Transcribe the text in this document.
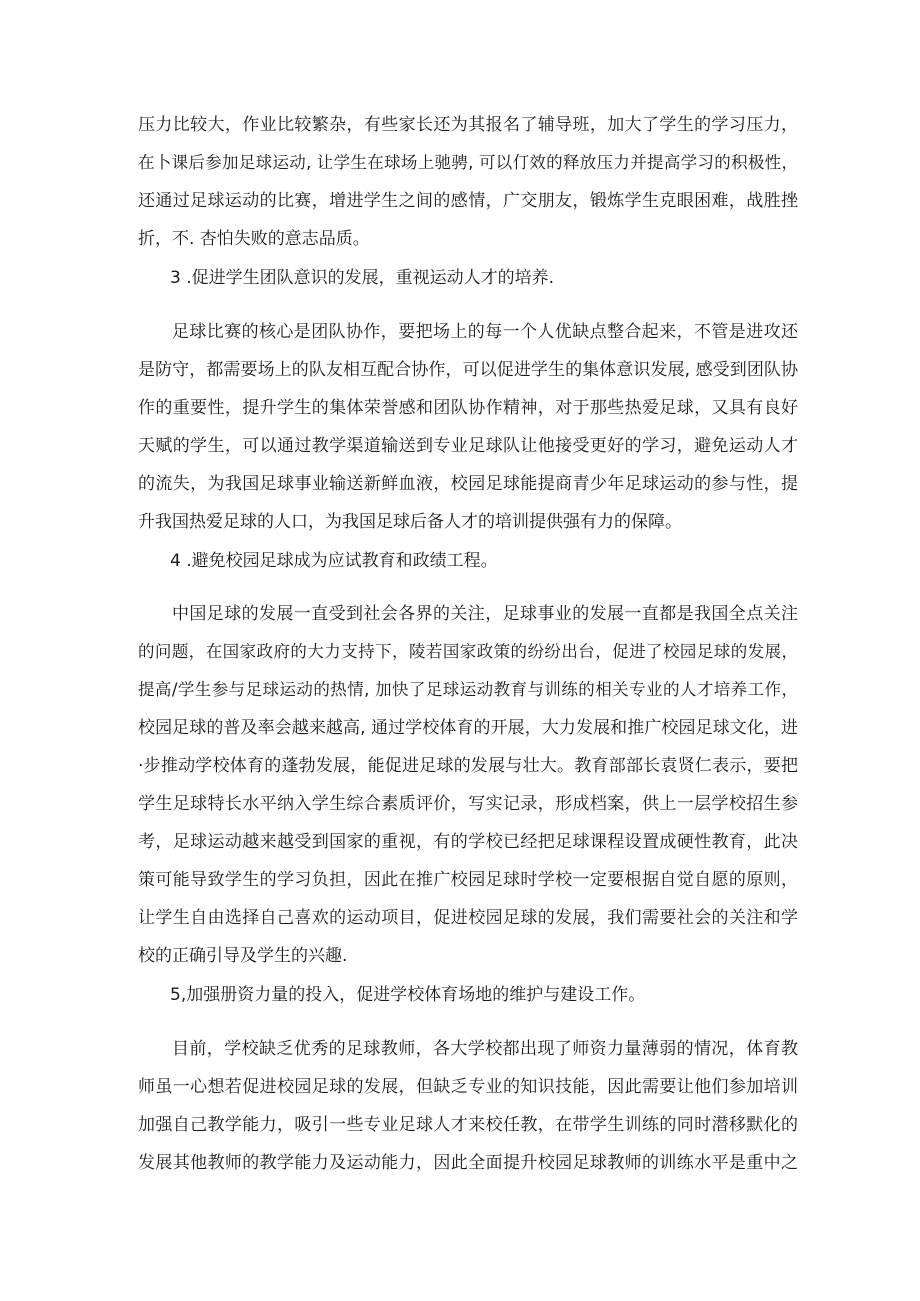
压力比较大，作业比较繁杂，有些家长还为其报名了辅导班，加大了学生的学习压力，
在卜课后参加足球运动, 让学生在球场上驰骋, 可以仃效的释放压力并提高学习的积极性，
还通过足球运动的比赛，增进学生之间的感情，广交朋友，锻炼学生克眼困难，战胜挫
折，不. 杏怕失败的意志品质。
3 .促进学生团队意识的发展，重视运动人才的培养.
足球比赛的核心是团队协作，要把场上的每一个人优缺点整合起来，不管是进攻还
是防守，都需要场上的队友相互配合协作，可以促进学生的集体意识发展, 感受到团队协
作的重要性，提升学生的集体荣誉感和团队协作精神，对于那些热爱足球，又具有良好
天赋的学生，可以通过教学渠道输送到专业足球队让他接受更好的学习，避免运动人才
的流失，为我国足球事业输送新鲜血液，校园足球能提商青少年足球运动的参与性，提
升我国热爱足球的人口，为我国足球后备人才的培训提供强有力的保障。
4 .避免校园足球成为应试教育和政绩工程。
中国足球的发展一直受到社会各界的关注，足球事业的发展一直都是我国全点关注
的问题，在国家政府的大力支持下，陵若国家政策的纷纷出台，促进了校园足球的发展，
提高/学生参与足球运动的热情, 加快了足球运动教育与训练的相关专业的人才培养工作，
校园足球的普及率会越来越高, 通过学校体育的开展，大力发展和推广校园足球文化，进
·步推动学校体育的蓬勃发展，能促进足球的发展与壮大。教育部部长袁贤仁表示，要把
学生足球特长水平纳入学生综合素质评价，写实记录，形成档案，供上一层学校招生参
考，足球运动越来越受到国家的重视，有的学校已经把足球课程设置成硬性教育，此决
策可能导致学生的学习负担，因此在推广校园足球时学校一定要根据自觉自愿的原则，
让学生自由选择自己喜欢的运动项目，促进校园足球的发展，我们需要社会的关注和学
校的正确引导及学生的兴趣.
5,加强册资力量的投入，促进学校体育场地的维护与建设工作。
目前，学校缺乏优秀的足球教师，各大学校都出现了师资力量薄弱的情况，体育教
师虽一心想若促进校园足球的发展，但缺乏专业的知识技能，因此需要让他们参加培训
加强自己教学能力，吸引一些专业足球人才来校任教，在带学生训练的同时潜移默化的
发展其他教师的教学能力及运动能力，因此全面提升校园足球教师的训练水平是重中之
